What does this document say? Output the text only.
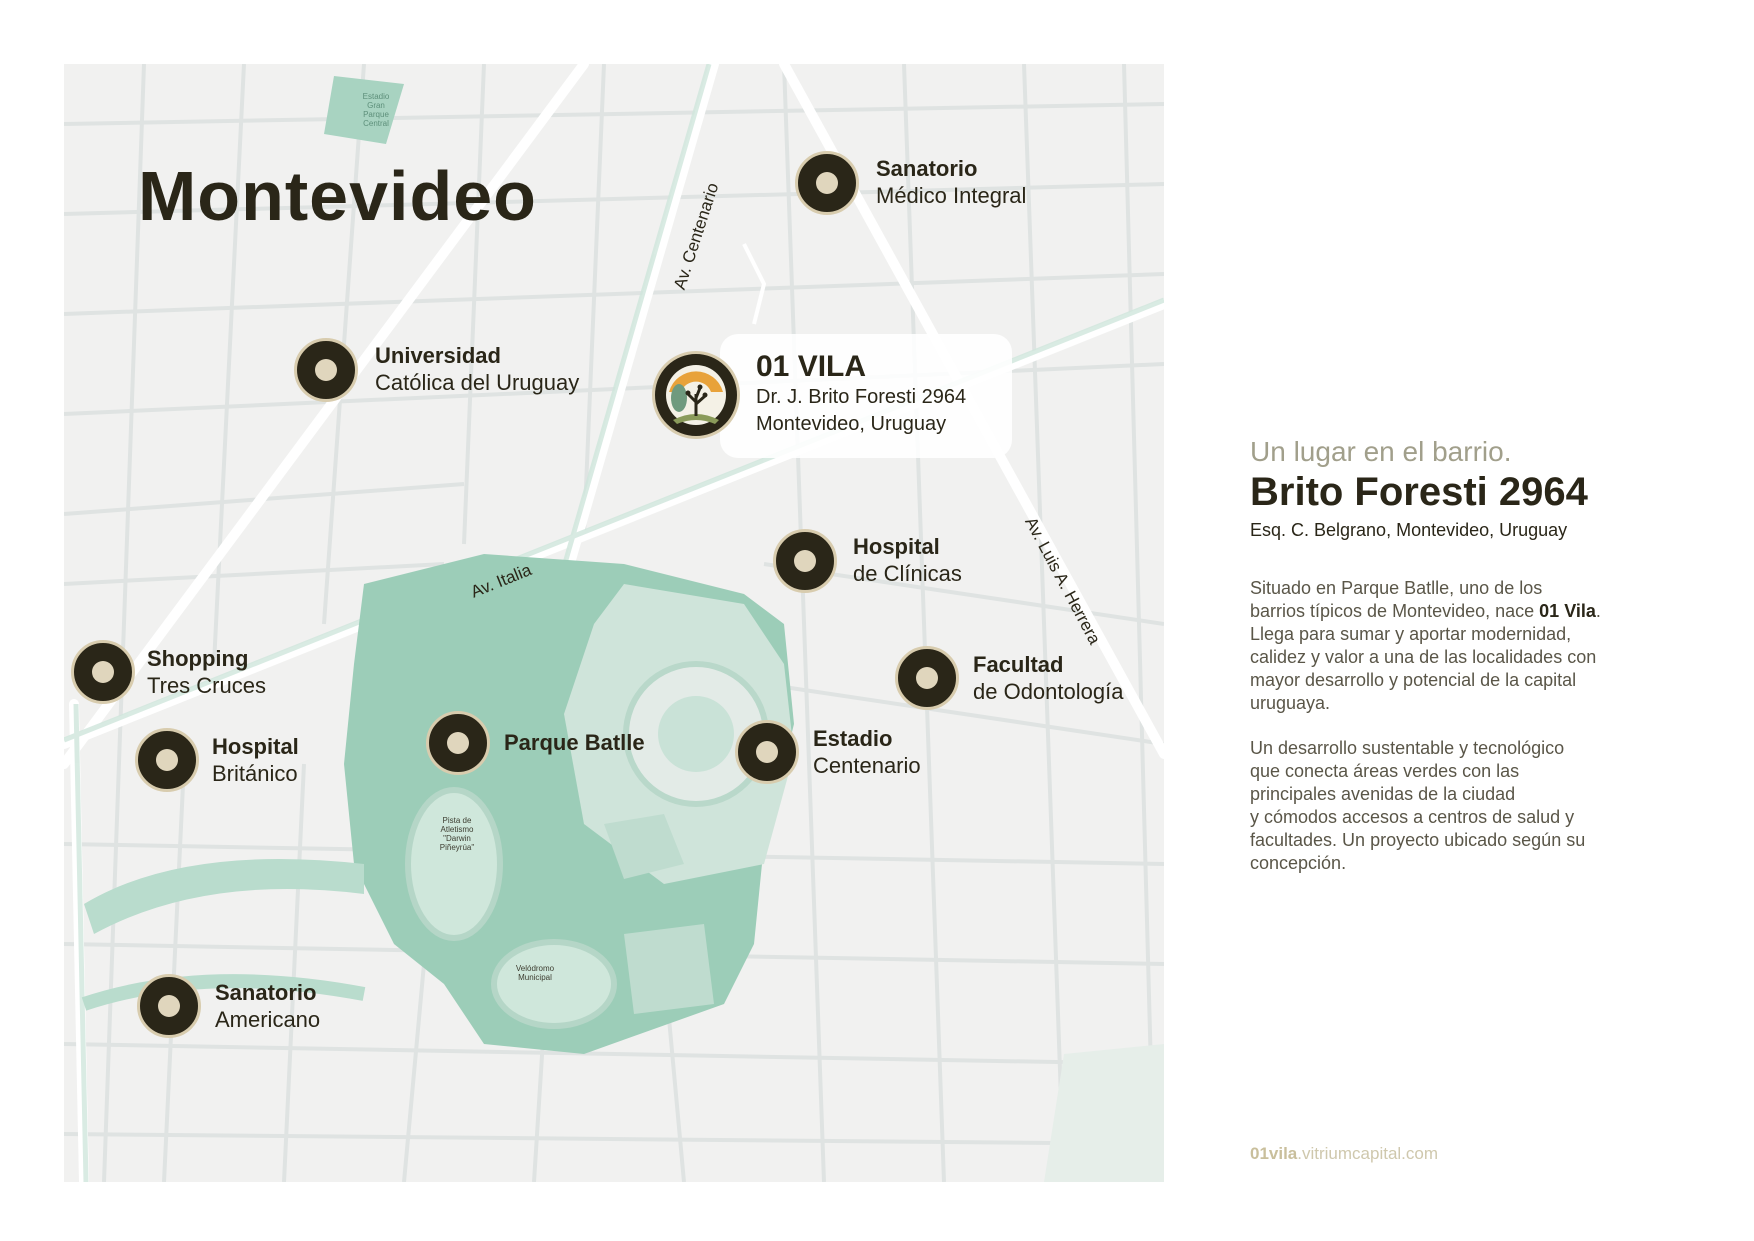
Estadio Gran Parque Central
Pista de Atletismo "Darwin Piñeyrúa"
Velódromo Municipal
Av. Centenario
Av. Italia	Av. Luis A. Herrera
Montevideo
01 VILA
Dr. J. Brito Foresti 2964
Montevideo, Uruguay
Sanatorio
Médico Integral
Universidad
Católica del Uruguay
Hospital
de Clínicas
Shopping
Tres Cruces
Facultad
de Odontología
Hospital
Británico
Parque Batlle	Estadio
Centenario
Sanatorio
Americano
Un lugar en el barrio.
Brito Foresti 2964
Esq. C. Belgrano, Montevideo, Uruguay
Situado en Parque Batlle, uno de los
barrios típicos de Montevideo, nace 01 Vila.
Llega para sumar y aportar modernidad,
calidez y valor a una de las localidades con
mayor desarrollo y potencial de la capital
uruguaya.
Un desarrollo sustentable y tecnológico
que conecta áreas verdes con las
principales avenidas de la ciudad
y cómodos accesos a centros de salud y
facultades. Un proyecto ubicado según su
concepción.
01vila.vitriumcapital.com
